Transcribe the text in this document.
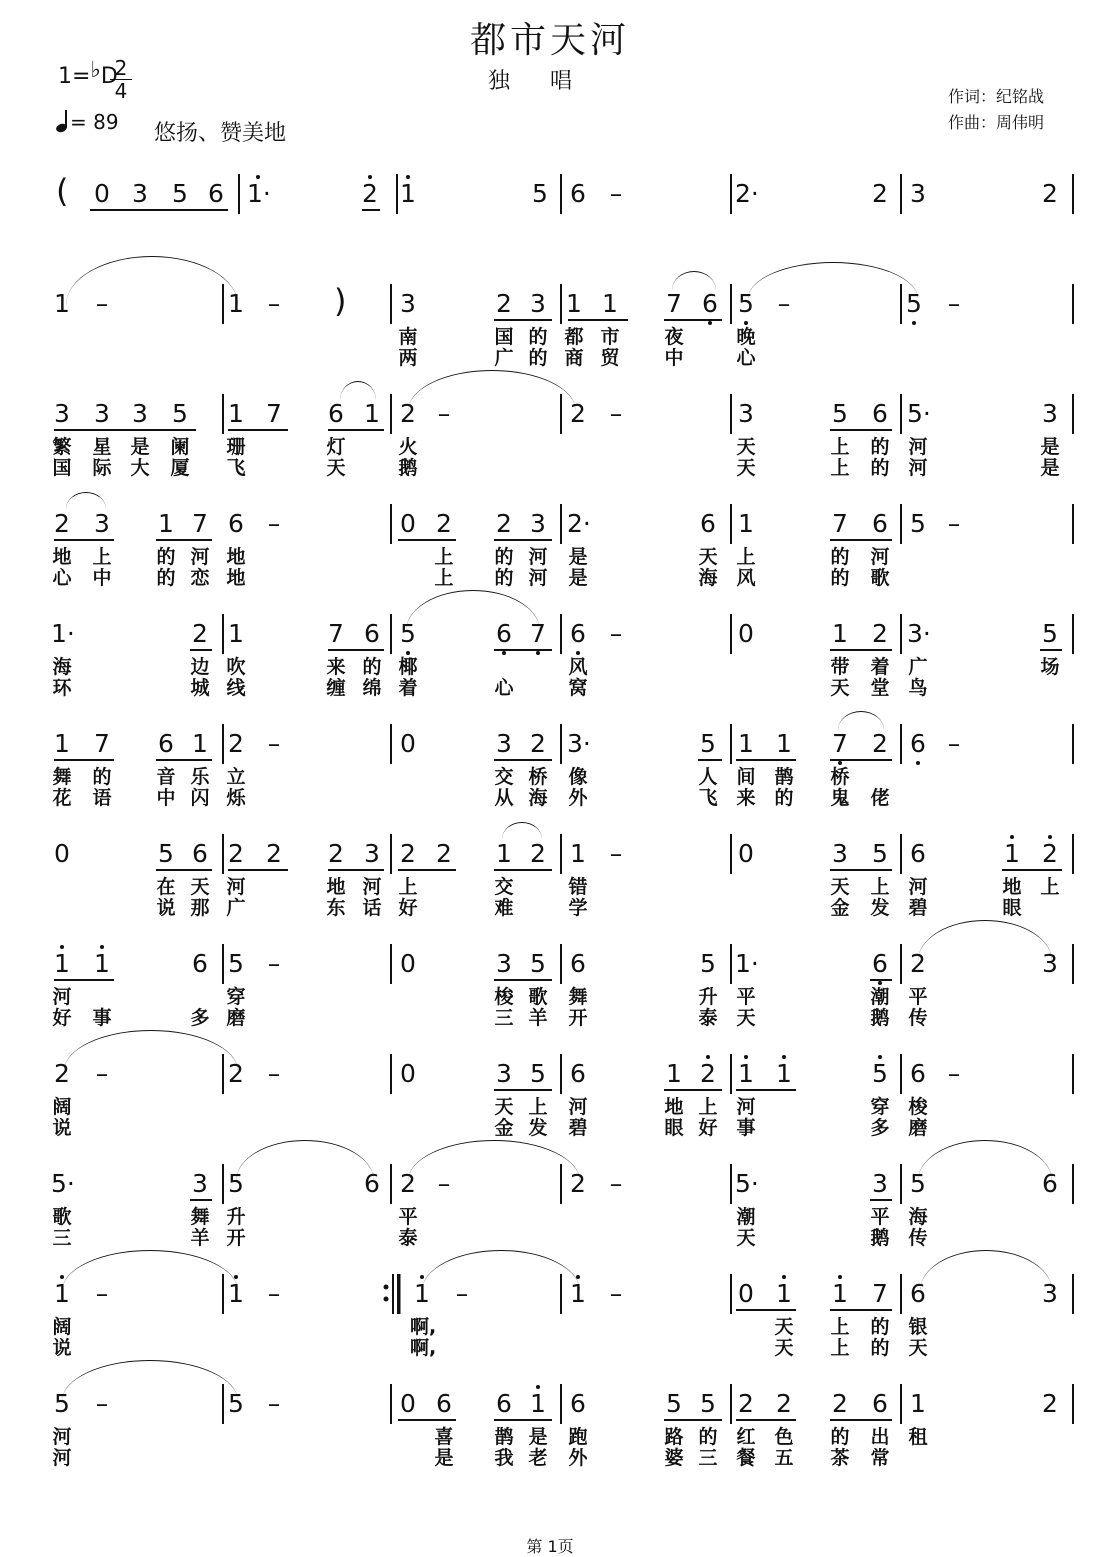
都市天河
独唱
1=♭D
2
4
= 89 悠扬、赞美地
作词：纪铭战
作曲：周伟明
( 0 3 5 6 1·	2 1	5 6 –	2·	2 3	2
1 –	1 – ) 3	2 3 1 1 7 6 5 –	5 –
南	国 的 都 市 夜	晚
两	广 的 商 贸 中	心
3 3 3 5 1 7 6 1 2 –	2 –	3	5 6 5·	3
繁 星 是 阑 珊	灯	火	天	上 的 河	是
国 际 大 厦 飞	天	鹅	天	上 的 河	是
2 3 1 7 6 –	0 2 2 3 2·	6 1	7 6 5 –
地 上 的 河 地	上 的 河 是	天 上	的 河
心 中 的 恋 地	上 的 河 是	海 风	的 歌
1·	2 1	7 6 5	6 7 6 –	0	1 2 3·	5
海	边 吹	来 的 椰	风	带 着 广	场
环	城 线	缠 绵 着	心	窝	天 堂 鸟
1 7 6 1 2 –	0	3 2 3·	5 1 1 7 2 6 –
舞 的 音 乐 立	交 桥 像	人 间 鹊 桥
花 语 中 闪 烁	从 海 外	飞 来 的 鬼 佬
0	5 6 2 2 2 3 2 2 1 2 1 –	0	3 5 6	1 2
在 天 河	地 河 上	交	错	天 上 河	地 上
说 那 广	东 话 好	难	学	金 发 碧	眼
1 1	6 5 –	0	3 5 6	5 1·	6 2	3
河	穿	梭 歌 舞	升 平	潮 平
好 事	多 磨	三 羊 开	泰 天	鹅 传
2 –	2 –	0	3 5 6	1 2 1 1	5 6 –
阔	天 上 河	地 上 河	穿 梭
说	金 发 碧	眼 好 事	多 磨
5·	3 5	6 2 –	2 –	5·	3 5	6
歌	舞 升	平	潮	平 海
三	羊 开	泰	天	鹅 传
1 –	1 –	1 –	1 –	0 1 1 7 6	3
阔	啊,	天 上 的 银
说	啊,	天 上 的 天
5 –	5 –	0 6 6 1 6	5 5 2 2 2 6 1	2
河	喜 鹊 是 跑	路 的 红 色 的 出 租
河	是 我 老 外	婆 三 餐 五 茶 常
第 1页
